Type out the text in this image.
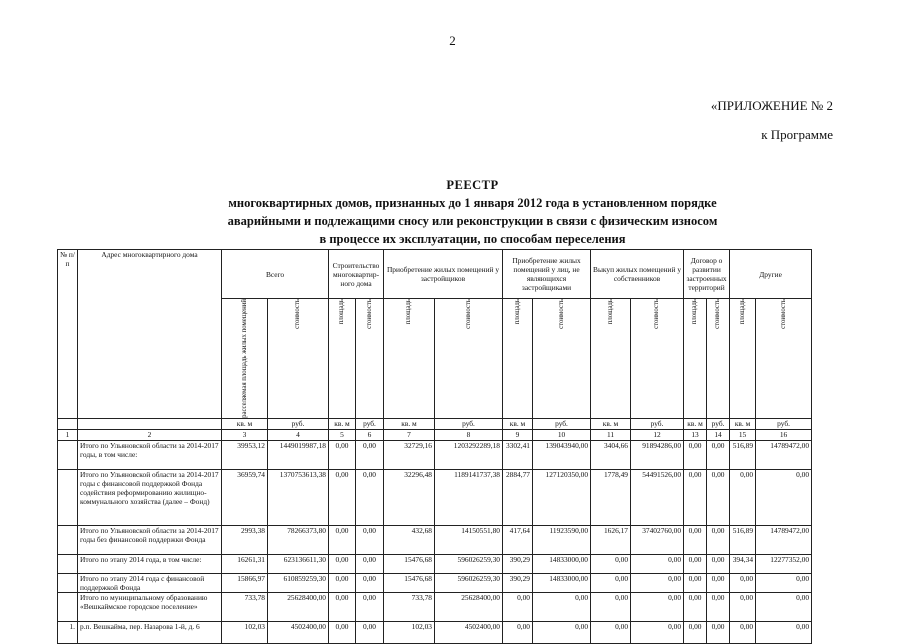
2
«ПРИЛОЖЕНИЕ № 2
к Программе
РЕЕСТР
многоквартирных домов, признанных до 1 января 2012 года в установленном порядке
аварийными и подлежащими сносу или реконструкции в связи с физическим износом
в процессе их эксплуатации, по способам переселения
№ п/п	Адрес многоквартирного дома	Всего		Строительство многоквартир-ного дома		Приобретение жилых помещений у застройщиков		Приобретение жилых помещений у лиц, не являющихся застройщиками		Выкуп жилых помещений у собственников		Договор о развитии застроенных территорий		Другие	

		расселяемая площадь жилых помещений	стоимость	площадь	стоимость	площадь	стоимость	площадь	стоимость	площадь	стоимость	площадь	стоимость	площадь	стоимость

		кв. м	руб.	кв. м	руб.	кв. м	руб.	кв. м	руб.	кв. м	руб.	кв. м	руб.	кв. м	руб.
1	2	3	4	5	6	7	8	9	10	11	12	13	14	15	16
	Итого по Ульяновской области за 2014-2017 годы, в том числе:	39953,12	1449019987,18	0,00	0,00	32729,16	1203292289,18	3302,41	139043940,00	3404,66	91894286,00	0,00	0,00	516,89	14789472,00
	Итого по Ульяновской области за 2014-2017 годы с финансовой поддержкой Фонда содействия реформированию жилищно-коммунального хозяйства (далее – Фонд)	36959,74	1370753613,38	0,00	0,00	32296,48	1189141737,38	2884,77	127120350,00	1778,49	54491526,00	0,00	0,00	0,00	0,00
	Итого по Ульяновской области за 2014-2017 годы без финансовой поддержки Фонда	2993,38	78266373,80	0,00	0,00	432,68	14150551,80	417,64	11923590,00	1626,17	37402760,00	0,00	0,00	516,89	14789472,00
	Итого по этапу 2014 года, в том числе:	16261,31	623136611,30	0,00	0,00	15476,68	596026259,30	390,29	14833000,00	0,00	0,00	0,00	0,00	394,34	12277352,00
	Итого по этапу 2014 года с финансовой поддержкой Фонда	15866,97	610859259,30	0,00	0,00	15476,68	596026259,30	390,29	14833000,00	0,00	0,00	0,00	0,00	0,00	0,00
	Итого по муниципальному образованию «Вешкаймское городское поселение»	733,78	25628400,00	0,00	0,00	733,78	25628400,00	0,00	0,00	0,00	0,00	0,00	0,00	0,00	0,00
1.	р.п. Вешкайма, пер. Назарова 1-й, д. 6	102,03	4502400,00	0,00	0,00	102,03	4502400,00	0,00	0,00	0,00	0,00	0,00	0,00	0,00	0,00
